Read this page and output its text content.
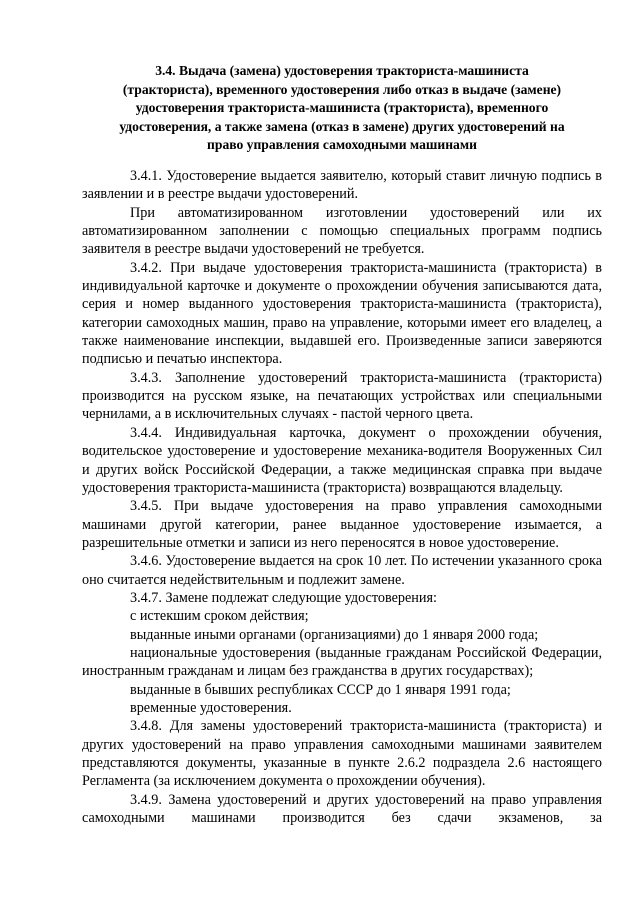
3.4. Выдача (замена) удостоверения тракториста-машиниста
(тракториста), временного удостоверения либо отказ в выдаче (замене)
удостоверения тракториста-машиниста (тракториста), временного
удостоверения, а также замена (отказ в замене) других удостоверений на
право управления самоходными машинами

3.4.1. Удостоверение выдается заявителю, который ставит личную подпись в заявлении и в реестре выдачи удостоверений.

При автоматизированном изготовлении удостоверений или их автоматизированном заполнении с помощью специальных программ подпись заявителя в реестре выдачи удостоверений не требуется.

3.4.2. При выдаче удостоверения тракториста-машиниста (тракториста) в индивидуальной карточке и документе о прохождении обучения записываются дата, серия и номер выданного удостоверения тракториста-машиниста (тракториста), категории самоходных машин, право на управление, которыми имеет его владелец, а также наименование инспекции, выдавшей его. Произведенные записи заверяются подписью и печатью инспектора.

3.4.3. Заполнение удостоверений тракториста-машиниста (тракториста) производится на русском языке, на печатающих устройствах или специальными чернилами, а в исключительных случаях - пастой черного цвета.

3.4.4. Индивидуальная карточка, документ о прохождении обучения, водительское удостоверение и удостоверение механика-водителя Вооруженных Сил и других войск Российской Федерации, а также медицинская справка при выдаче удостоверения тракториста-машиниста (тракториста) возвращаются владельцу.

3.4.5. При выдаче удостоверения на право управления самоходными машинами другой категории, ранее выданное удостоверение изымается, а разрешительные отметки и записи из него переносятся в новое удостоверение.

3.4.6. Удостоверение выдается на срок 10 лет. По истечении указанного срока оно считается недействительным и подлежит замене.

3.4.7. Замене подлежат следующие удостоверения:

с истекшим сроком действия;

выданные иными органами (организациями) до 1 января 2000 года;

национальные удостоверения (выданные гражданам Российской Федерации, иностранным гражданам и лицам без гражданства в других государствах);

выданные в бывших республиках СССР до 1 января 1991 года;

временные удостоверения.

3.4.8. Для замены удостоверений тракториста-машиниста (тракториста) и других удостоверений на право управления самоходными машинами заявителем представляются документы, указанные в пункте 2.6.2 подраздела 2.6 настоящего Регламента (за исключением документа о прохождении обучения).

3.4.9. Замена удостоверений и других удостоверений на право управления самоходными машинами производится без сдачи экзаменов, за
